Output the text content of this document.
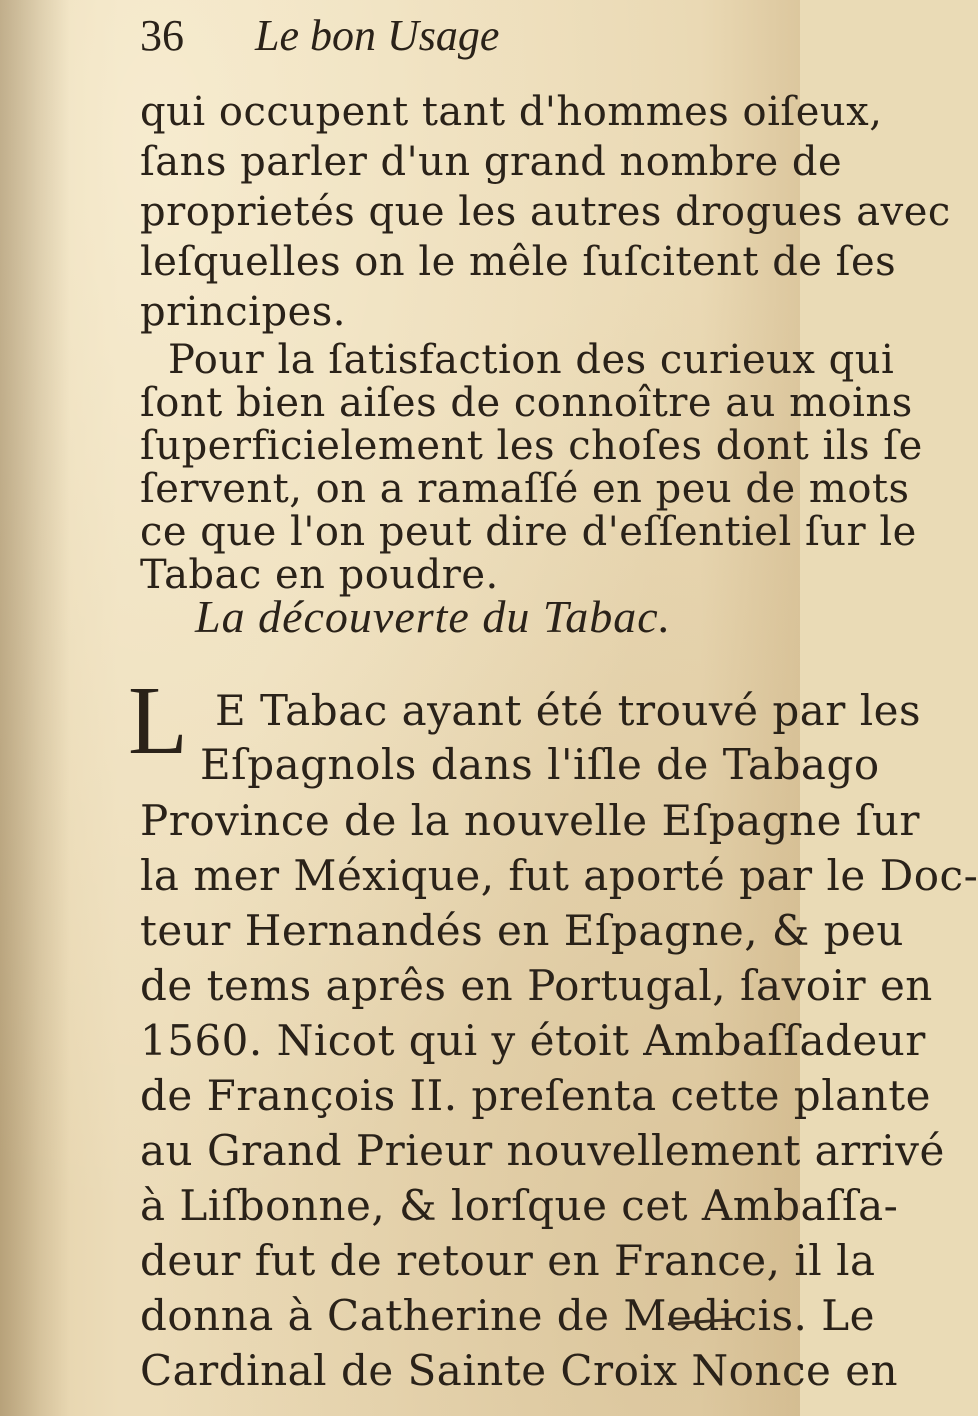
36 Le bon Usage
qui occupent tant d'hommes oiſeux,
ſans parler d'un grand nombre de
proprietés que les autres drogues avec
leſquelles on le mêle ſuſcitent de ſes
principes.
Pour la ſatisfaction des curieux qui
ſont bien aiſes de connoître au moins
ſuperficielement les choſes dont ils ſe
ſervent, on a ramaſſé en peu de mots
La découverte du Tabac.
L E Tabac ayant été trouvé par les
Eſpagnols dans l'iſle de Tabago
Province de la nouvelle Eſpagne ſur
la mer Méxique, fut aporté par le Doc-
teur Hernandés en Eſpagne, & peu
de tems aprês en Portugal, ſavoir en
1560. Nicot qui y étoit Ambaſſadeur
de François II. preſenta cette plante
au Grand Prieur nouvellement arrivé
à Liſbonne, & lorſque cet Ambaſſa-
deur fut de retour en France, il la
donna à Catherine de Medicis. Le
Cardinal de Sainte Croix Nonce en
ce que l'on peut dire d'eſſentiel ſur le
Tabac en poudre.
